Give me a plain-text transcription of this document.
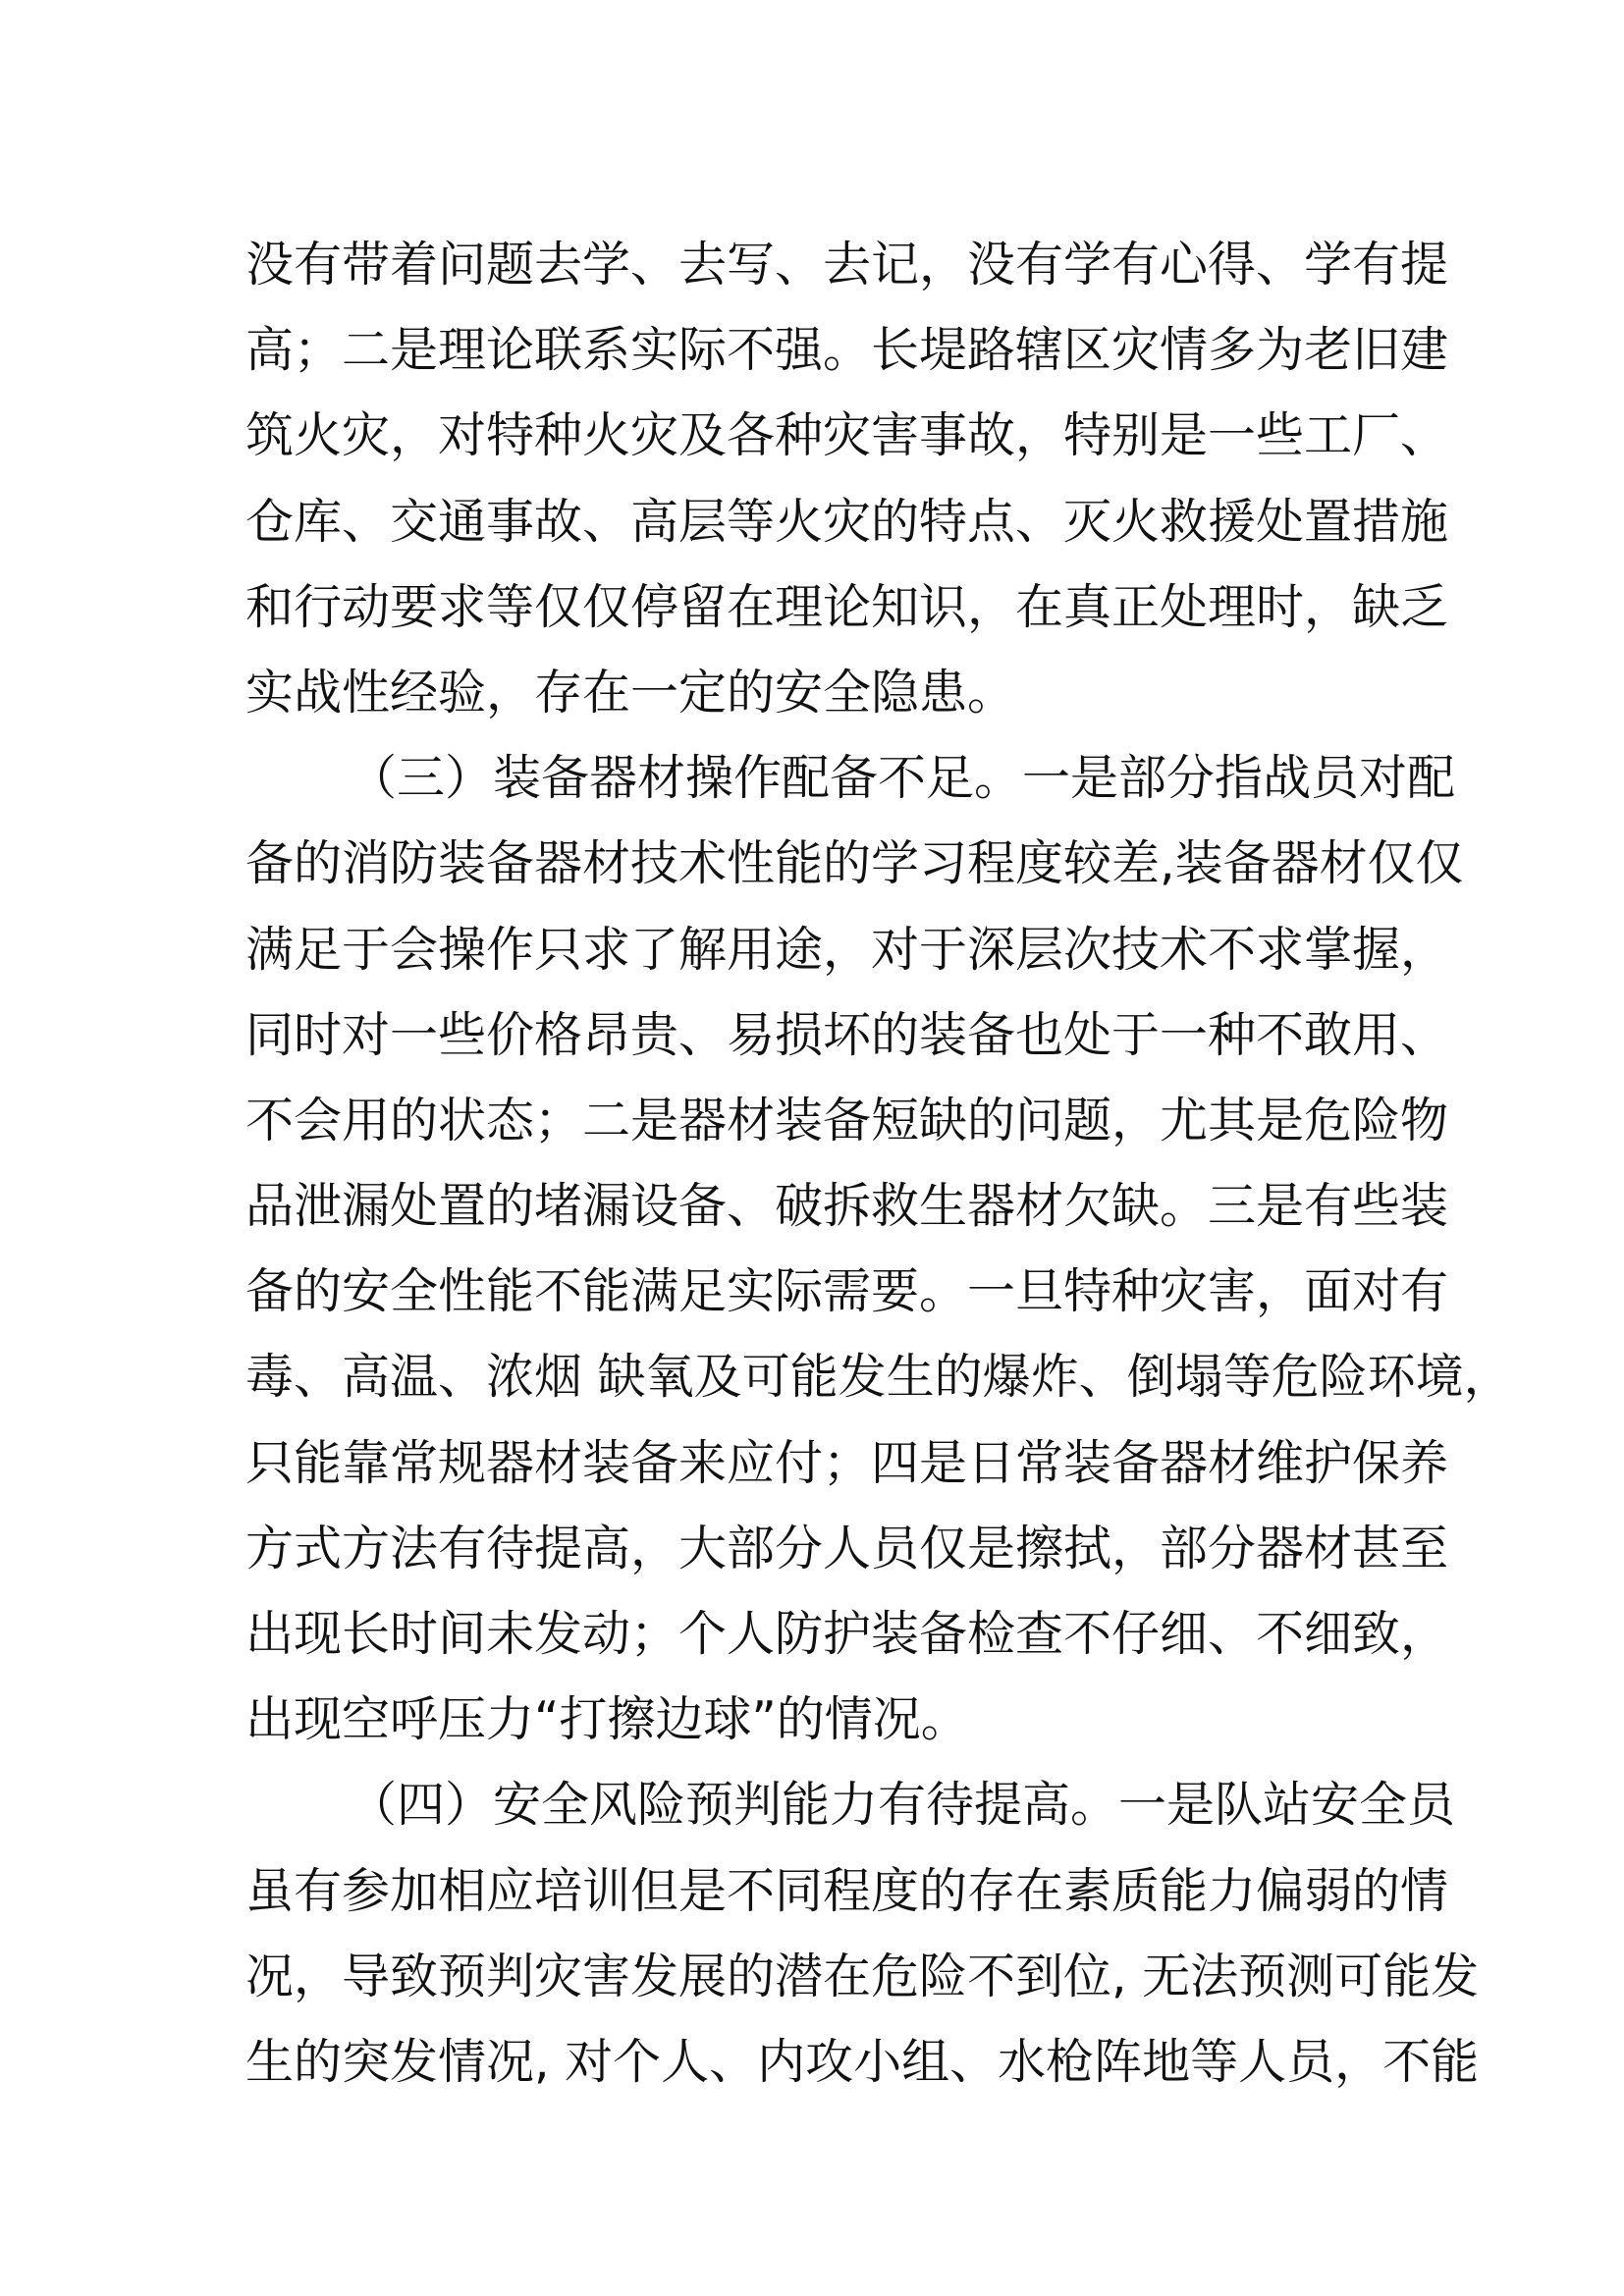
没有带着问题去学、去写、去记，没有学有心得、学有提
高；二是理论联系实际不强。长堤路辖区灾情多为老旧建
筑火灾，对特种火灾及各种灾害事故，特别是一些工厂、
仓库、交通事故、高层等火灾的特点、灭火救援处置措施
和行动要求等仅仅停留在理论知识，在真正处理时，缺乏
实战性经验，存在一定的安全隐患。
（三）装备器材操作配备不足。一是部分指战员对配
备的消防装备器材技术性能的学习程度较差,装备器材仅仅
满足于会操作只求了解用途，对于深层次技术不求掌握，
同时对一些价格昂贵、易损坏的装备也处于一种不敢用、
不会用的状态；二是器材装备短缺的问题，尤其是危险物
品泄漏处置的堵漏设备、破拆救生器材欠缺。三是有些装
备的安全性能不能满足实际需要。一旦特种灾害，面对有
毒、高温、浓烟 缺氧及可能发生的爆炸、倒塌等危险环境，
只能靠常规器材装备来应付；四是日常装备器材维护保养
方式方法有待提高，大部分人员仅是擦拭，部分器材甚至
出现长时间未发动；个人防护装备检查不仔细、不细致，
出现空呼压力“打擦边球”的情况。
（四）安全风险预判能力有待提高。一是队站安全员
虽有参加相应培训但是不同程度的存在素质能力偏弱的情
况，导致预判灾害发展的潜在危险不到位, 无法预测可能发
生的突发情况, 对个人、内攻小组、水枪阵地等人员，不能
